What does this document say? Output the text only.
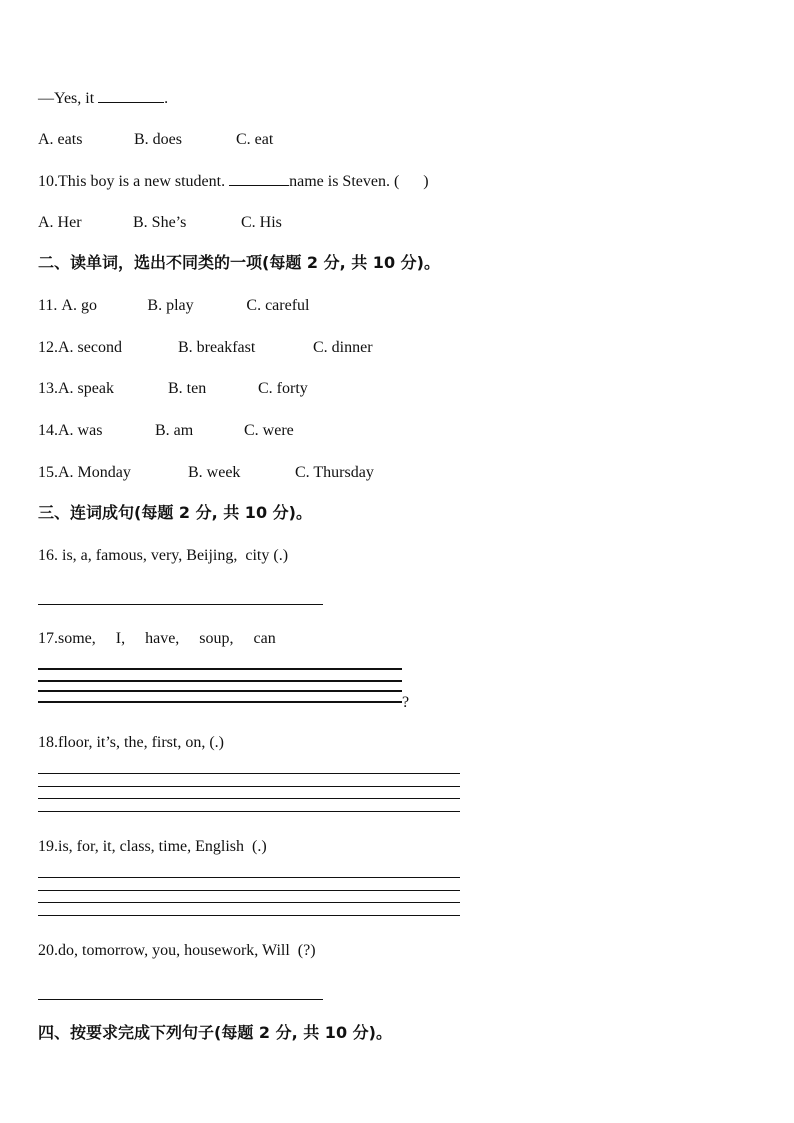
—Yes, it	.
A. eats	B. does	C. eat
10.This boy is a new student.	name is Steven. (      )
A. Her	B. She’s	C. His
二、读单词，选出不同类的一项(每题 2 分, 共 10 分)。
11. A. go	B. play	C. careful
12.A. second	B. breakfast	C. dinner
13.A. speak	B. ten	C. forty
14.A. was	B. am	C. were
15.A. Monday	B. week	C. Thursday
三、连词成句(每题 2 分, 共 10 分)。
16. is, a, famous, very, Beijing,  city (.)
17.some,     I,     have,     soup,     can
?
18.floor, it’s, the, first, on, (.)
19.is, for, it, class, time, English  (.)
20.do, tomorrow, you, housework, Will  (?)
四、按要求完成下列句子(每题 2 分, 共 10 分)。
